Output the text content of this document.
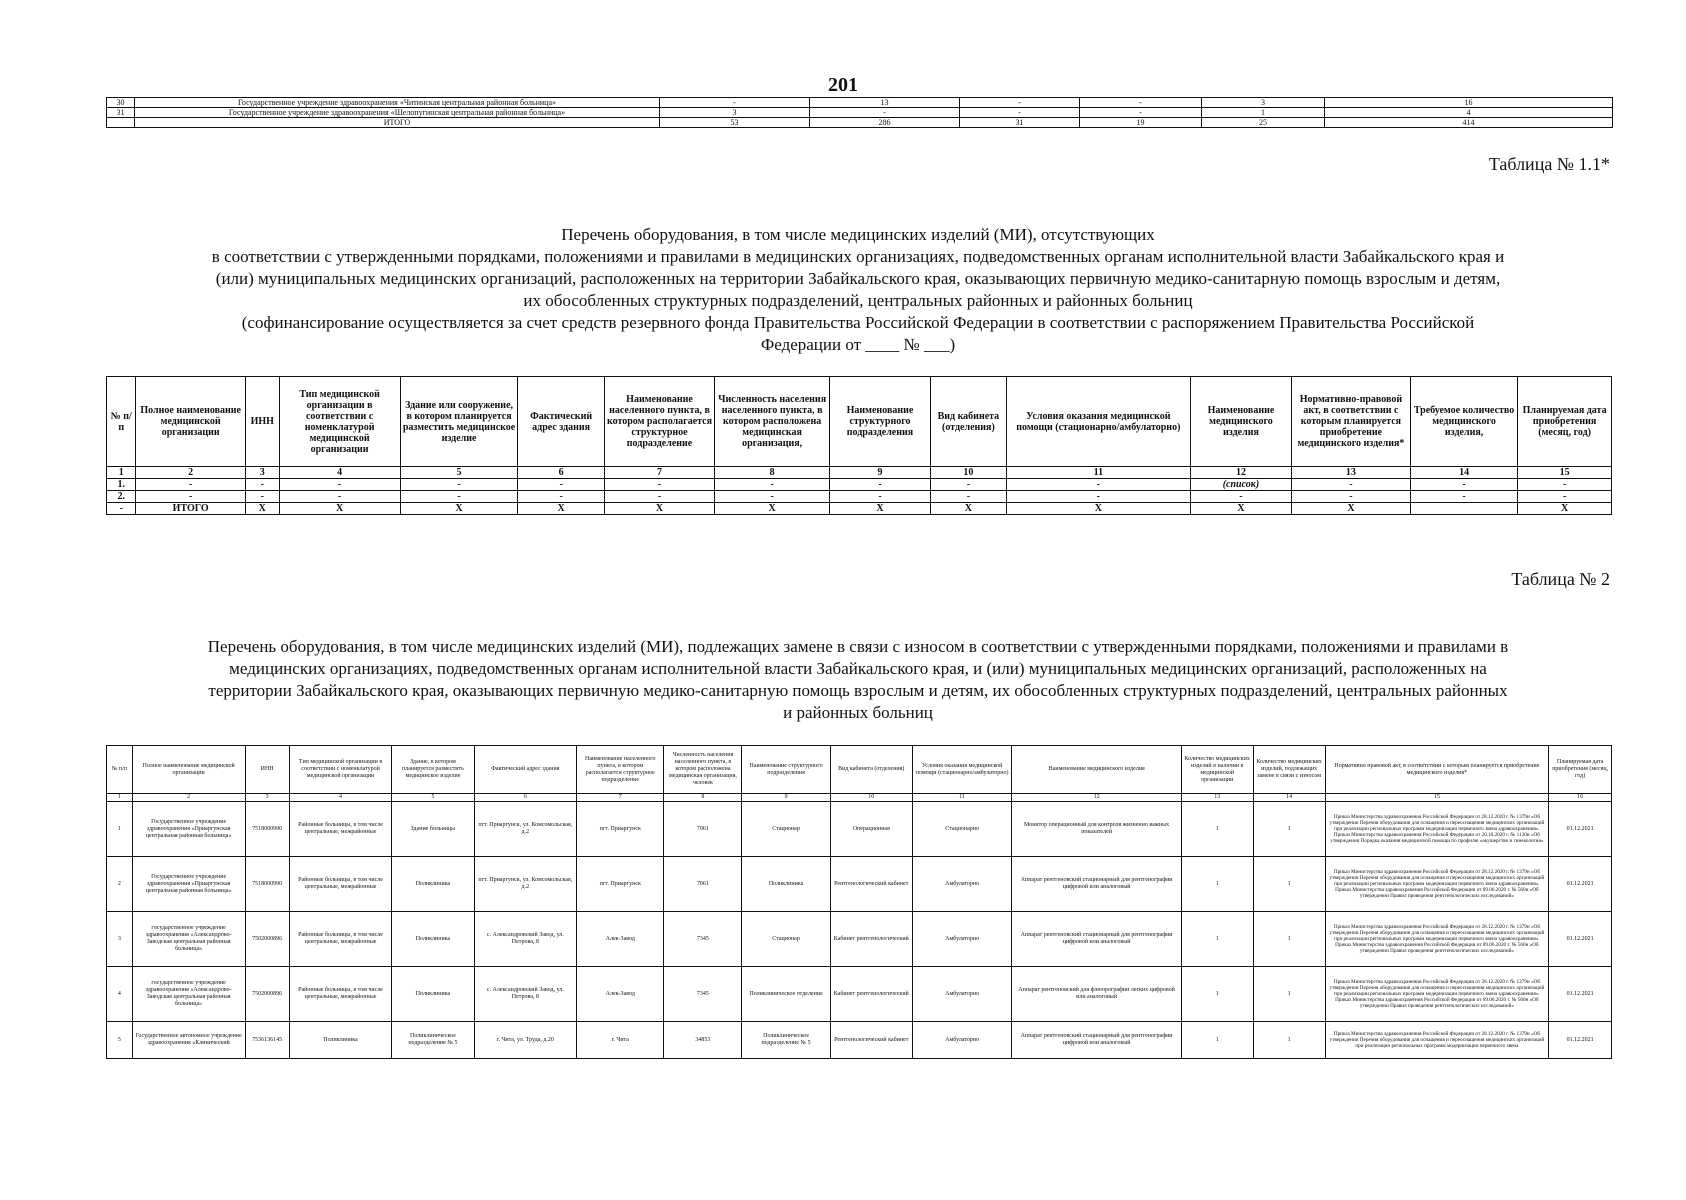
201
30	Государственное учреждение здравоохранения «Читинская центральная районная больница»	-	13	-	-	3	16
31	Государственное учреждение здравоохранения «Шелопугинская центральная районная больница»	3	-	-	-	1	4
	ИТОГО	53	286	31	19	25	414
Таблица № 1.1*
Перечень оборудования, в том числе медицинских изделий (МИ), отсутствующих
в соответствии с утвержденными порядками, положениями и правилами в медицинских организациях, подведомственных органам исполнительной власти Забайкальского края и
(или) муниципальных медицинских организаций, расположенных на территории Забайкальского края, оказывающих первичную медико-санитарную помощь взрослым и детям,
их обособленных структурных подразделений, центральных районных и районных больниц
(софинансирование осуществляется за счет средств резервного фонда Правительства Российской Федерации в соответствии с распоряжением Правительства Российской
Федерации от ____ № ___)
№ п/п	Полное наименование медицинской организации	ИНН	Тип медицинской организации в соответствии с номенклатурой медицинской организации	Здание или сооружение, в котором планируется разместить медицинское изделие	Фактический адрес здания	Наименование населенного пункта, в котором располагается структурное подразделение	Численность населения населенного пункта, в котором расположена медицинская организация,	Наименование структурного подразделения	Вид кабинета (отделения)	Условия оказания медицинской помощи (стационарно/амбулаторно)	Наименование медицинского изделия	Нормативно-правовой акт, в соответствии с которым планируется приобретение медицинского изделия*	Требуемое количество медицинского изделия,	Планируемая дата приобретения (месяц, год)
1	2	3	4	5	6	7	8	9	10	11	12	13	14	15
1.	-	-	-	-	-	-	-	-	-	-	(список)	-	-	-
2.	-	-	-	-	-	-	-	-	-	-	-	-	-	-
-	ИТОГО	Х	Х	Х	Х	Х	Х	Х	Х	Х	Х	Х		Х
Таблица № 2
Перечень оборудования, в том числе медицинских изделий (МИ), подлежащих замене в связи с износом в соответствии с утвержденными порядками, положениями и правилами в
медицинских организациях, подведомственных органам исполнительной власти Забайкальского края, и (или) муниципальных медицинских организаций, расположенных на
территории Забайкальского края, оказывающих первичную медико-санитарную помощь взрослым и детям, их обособленных структурных подразделений, центральных районных
и районных больниц
№ п/п	Полное наименование медицинской организации	ИНН	Тип медицинской организации в соответствии с номенклатурой медицинской организации	Здание, в котором планируется разместить медицинское изделие	Фактический адрес здания	Наименование населенного пункта, в котором располагается структурное подразделение	Численность населения населенного пункта, в котором расположена медицинская организация, человек	Наименование структурного подразделения	Вид кабинета (отделения)	Условия оказания медицинской помощи (стационарно/амбулаторно)	Наименование медицинского изделия	Количество медицинских изделий в наличии в медицинской организации	Количество медицинских изделий, подлежащих замене в связи с износом	Нормативно правовой акт, в соответствии с которым планируется приобретение медицинского изделия*	Планируемая дата приобретения (месяц, год)
1	2	3	4	5	6	7	8	9	10	11	12	13	14	15	16
1	Государственное учреждение здравоохранения «Приаргунская центральная районная больница»	7518000990	Районные больницы, в том числе центральные, межрайонные	Здание больницы	пгт. Приаргунск, ул. Комсомольская, д.2	пгт. Приаргунск	7061	Стационар	Операционная	Стационарно	Монитор операционный для контроля жизненно важных показателей	1	1	Приказ Министерства здравоохранения Российской Федерации от 28.12.2020 г. № 1379н «Об утверждении Перечня оборудования для оснащения и переоснащения медицинских организаций при реализации региональных программ модернизации первичного звена здравоохранения». Приказ Министерства здравоохранения Российской Федерации от 20.10.2020 г. № 1130н «Об утверждении Порядка оказания медицинской помощи по профилю «акушерство и гинекология»	01.12.2021
2	Государственное учреждение здравоохранения «Приаргунская центральная районная больница»	7518000990	Районные больницы, в том числе центральные, межрайонные	Поликлиника	пгт. Приаргунск, ул. Комсомольская, д.2	пгт. Приаргунск	7061	Поликлиника	Рентгенологический кабинет	Амбулаторно	Аппарат рентгеновский стационарный для рентгенографии цифровой или аналоговый	1	1	Приказ Министерства здравоохранения Российской Федерации от 28.12.2020 г. № 1379н «Об утверждении Перечня оборудования для оснащения и переоснащения медицинских организаций при реализации региональных программ модернизации первичного звена здравоохранения». Приказ Министерства здравоохранения Российской Федерации от 09.06.2020 г. № 560н «Об утверждении Правил проведения рентгенологических исследований»	01.12.2021
3	государственное учреждение здравоохранения «Александрово-Заводская центральная районная больница»	7502000896	Районные больницы, в том числе центральные, межрайонные	Поликлиника	с. Александровский Завод, ул. Петрова, 8	Алек-Завод	7345	Стационар	Кабинет рентгенологический	Амбулаторно	Аппарат рентгеновский стационарный для рентгенографии цифровой или аналоговый	1	1	Приказ Министерства здравоохранения Российской Федерации от 28.12.2020 г. № 1379н «Об утверждении Перечня оборудования для оснащения и переоснащения медицинских организаций при реализации региональных программ модернизации первичного звена здравоохранения». Приказ Министерства здравоохранения Российской Федерации от 09.06.2020 г. № 560н «Об утверждении Правил проведения рентгенологических исследований»	01.12.2021
4	государственное учреждение здравоохранения «Александрово-Заводская центральная районная больница»	7502000896	Районные больницы, в том числе центральные, межрайонные	Поликлиника	с. Александровский Завод, ул. Петрова, 8	Алек-Завод	7345	Поликлиническое отделение	Кабинет рентгенологический	Амбулаторно	Аппарат рентгеновский для флюорографии легких цифровой или аналоговый	1	1	Приказ Министерства здравоохранения Российской Федерации от 28.12.2020 г. № 1379н «Об утверждении Перечня оборудования для оснащения и переоснащения медицинских организаций при реализации региональных программ модернизации первичного звена здравоохранения». Приказ Министерства здравоохранения Российской Федерации от 09.06.2020 г. № 560н «Об утверждении Правил проведения рентгенологических исследований»	01.12.2021
5	Государственное автономное учреждение здравоохранения «Клинический	7536136145	Поликлиника	Поликлиническое подразделение № 5	г. Чита, ул. Труда, д.20	г. Чита	34853	Поликлиническое подразделение № 5	Рентгенологический кабинет	Амбулаторно	Аппарат рентгеновский стационарный для рентгенографии цифровой или аналоговый	1	1	Приказ Министерства здравоохранения Российской Федерации от 28.12.2020 г. № 1379н «Об утверждении Перечня оборудования для оснащения и переоснащения медицинских организаций при реализации региональных программ модернизации первичного звена	01.12.2021
